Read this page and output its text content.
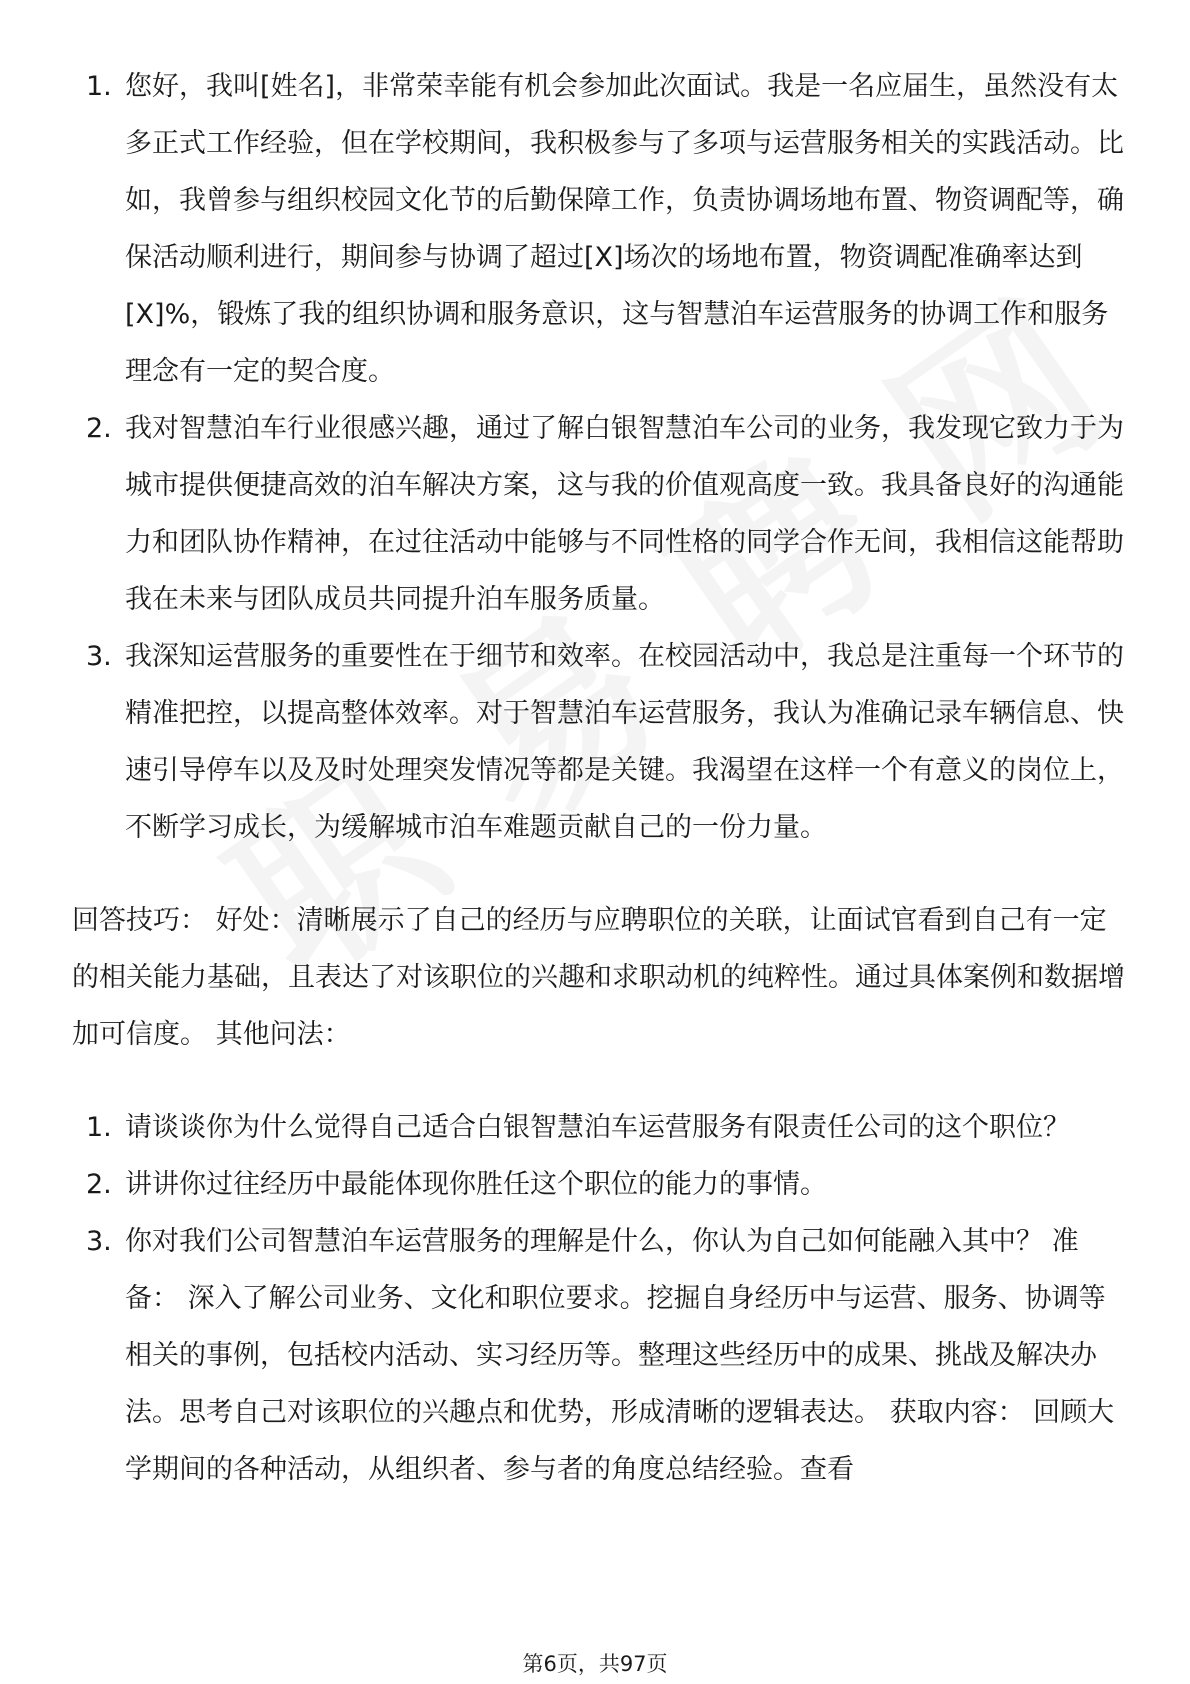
1. 您好，我叫[姓名]，非常荣幸能有机会参加此次面试。我是一名应届生，虽然没有太多正式工作经验，但在学校期间，我积极参与了多项与运营服务相关的实践活动。比如，我曾参与组织校园文化节的后勤保障工作，负责协调场地布置、物资调配等，确保活动顺利进行，期间参与协调了超过[X]场次的场地布置，物资调配准确率达到[X]%，锻炼了我的组织协调和服务意识，这与智慧泊车运营服务的协调工作和服务理念有一定的契合度。
2. 我对智慧泊车行业很感兴趣，通过了解白银智慧泊车公司的业务，我发现它致力于为城市提供便捷高效的泊车解决方案，这与我的价值观高度一致。我具备良好的沟通能力和团队协作精神，在过往活动中能够与不同性格的同学合作无间，我相信这能帮助我在未来与团队成员共同提升泊车服务质量。
3. 我深知运营服务的重要性在于细节和效率。在校园活动中，我总是注重每一个环节的精准把控，以提高整体效率。对于智慧泊车运营服务，我认为准确记录车辆信息、快速引导停车以及及时处理突发情况等都是关键。我渴望在这样一个有意义的岗位上，不断学习成长，为缓解城市泊车难题贡献自己的一份力量。

回答技巧： 好处：清晰展示了自己的经历与应聘职位的关联，让面试官看到自己有一定的相关能力基础，且表达了对该职位的兴趣和求职动机的纯粹性。通过具体案例和数据增加可信度。 其他问法：

1. 请谈谈你为什么觉得自己适合白银智慧泊车运营服务有限责任公司的这个职位？
2. 讲讲你过往经历中最能体现你胜任这个职位的能力的事情。
3. 你对我们公司智慧泊车运营服务的理解是什么，你认为自己如何能融入其中？ 准备： 深入了解公司业务、文化和职位要求。挖掘自身经历中与运营、服务、协调等相关的事例，包括校内活动、实习经历等。整理这些经历中的成果、挑战及解决办法。思考自己对该职位的兴趣点和优势，形成清晰的逻辑表达。 获取内容： 回顾大学期间的各种活动，从组织者、参与者的角度总结经验。查看
第6页，共97页
